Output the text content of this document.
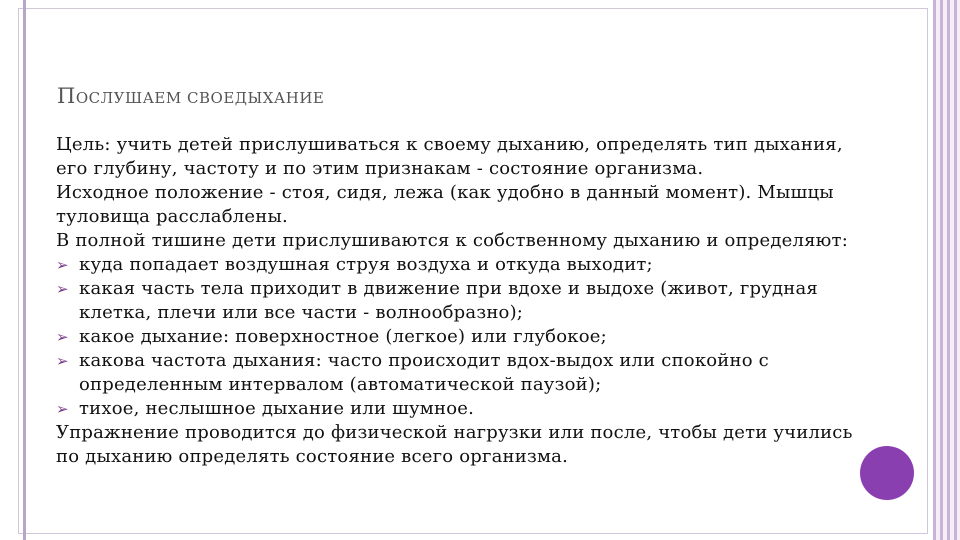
ПОСЛУШАЕМ СВОЕДЫХАНИЕ

Цель: учить детей прислушиваться к своему дыханию, определять тип дыхания, его глубину, частоту и по этим признакам - состояние организма.

Исходное положение - стоя, сидя, лежа (как удобно в данный момент). Мышцы туловища расслаблены.

В полной тишине дети прислушиваются к собственному дыханию и определяют:

➢ куда попадает воздушная струя воздуха и откуда выходит;

➢ какая часть тела приходит в движение при вдохе и выдохе (живот, грудная клетка, плечи или все части - волнообразно);

➢ какое дыхание: поверхностное (легкое) или глубокое;

➢ какова частота дыхания: часто происходит вдох-выдох или спокойно с определенным интервалом (автоматической паузой);

➢ тихое, неслышное дыхание или шумное.

Упражнение проводится до физической нагрузки или после, чтобы дети учились по дыханию определять состояние всего организма.
